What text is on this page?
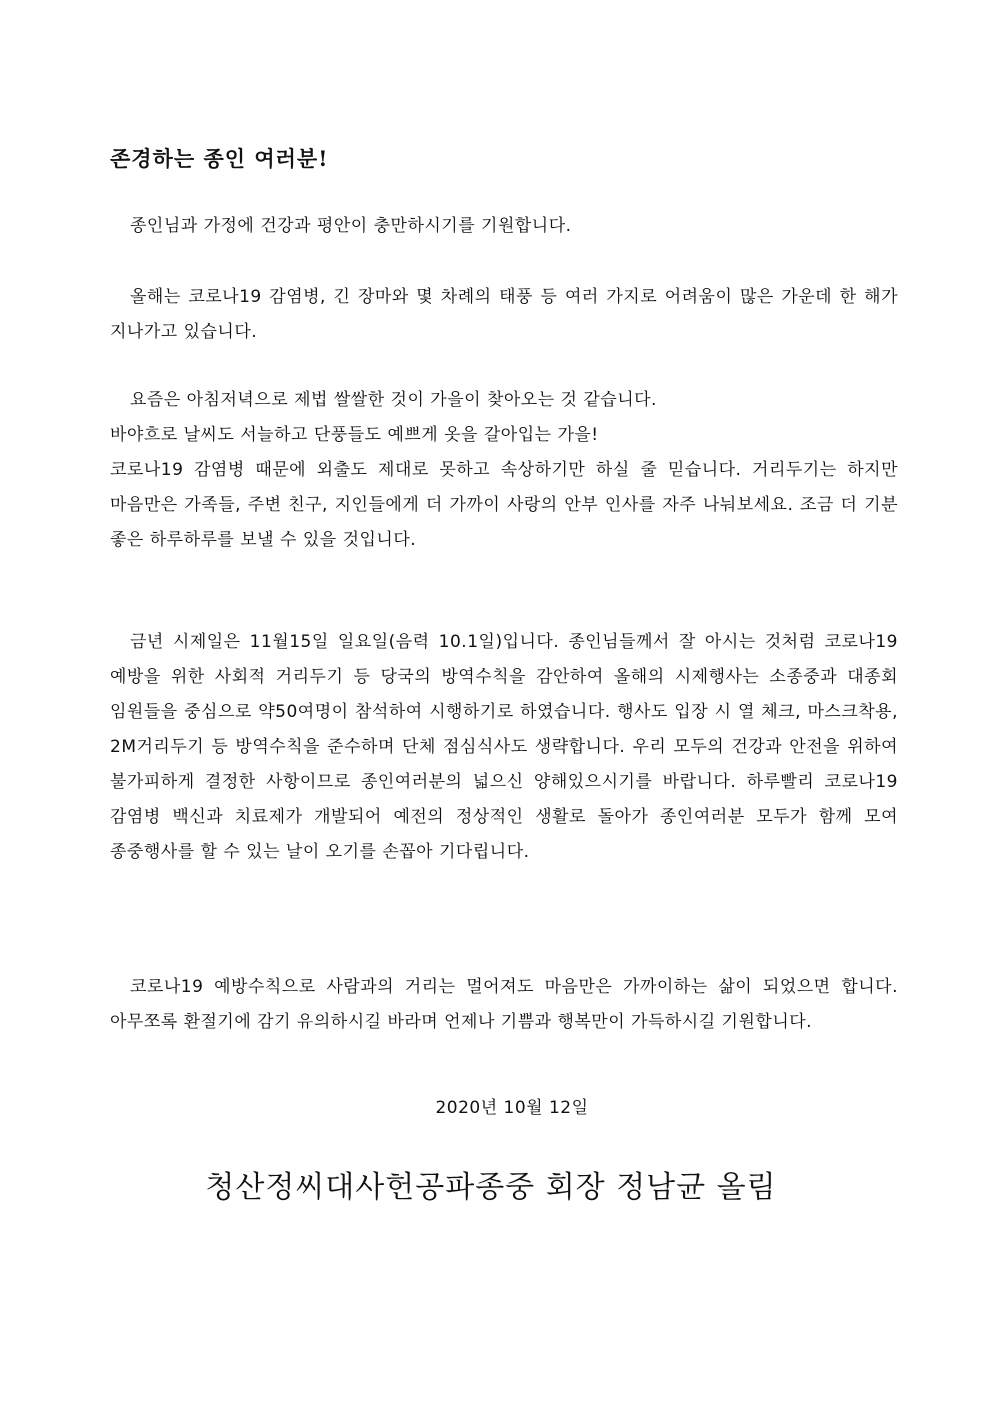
존경하는 종인 여러분!

종인님과 가정에 건강과 평안이 충만하시기를 기원합니다.

올해는 코로나19 감염병, 긴 장마와 몇 차례의 태풍 등 여러 가지로 어려움이 많은 가운데 한 해가 지나가고 있습니다.

요즘은 아침저녁으로 제법 쌀쌀한 것이 가을이 찾아오는 것 같습니다.
바야흐로 날씨도 서늘하고 단풍들도 예쁘게 옷을 갈아입는 가을!
코로나19 감염병 때문에 외출도 제대로 못하고 속상하기만 하실 줄 믿습니다. 거리두기는 하지만 마음만은 가족들, 주변 친구, 지인들에게 더 가까이 사랑의 안부 인사를 자주 나눠보세요. 조금 더 기분 좋은 하루하루를 보낼 수 있을 것입니다.

금년 시제일은 11월15일 일요일(음력 10.1일)입니다. 종인님들께서 잘 아시는 것처럼 코로나19 예방을 위한 사회적 거리두기 등 당국의 방역수칙을 감안하여 올해의 시제행사는 소종중과 대종회 임원들을 중심으로 약50여명이 참석하여 시행하기로 하였습니다. 행사도 입장 시 열 체크, 마스크착용, 2M거리두기 등 방역수칙을 준수하며 단체 점심식사도 생략합니다. 우리 모두의 건강과 안전을 위하여 불가피하게 결정한 사항이므로 종인여러분의 넓으신 양해있으시기를 바랍니다. 하루빨리 코로나19 감염병 백신과 치료제가 개발되어 예전의 정상적인 생활로 돌아가 종인여러분 모두가 함께 모여 종중행사를 할 수 있는 날이 오기를 손꼽아 기다립니다.

코로나19 예방수칙으로 사람과의 거리는 멀어져도 마음만은 가까이하는 삶이 되었으면 합니다. 아무쪼록 환절기에 감기 유의하시길 바라며 언제나 기쁨과 행복만이 가득하시길 기원합니다.

2020년 10월 12일

청산정씨대사헌공파종중 회장 정남균 올림
